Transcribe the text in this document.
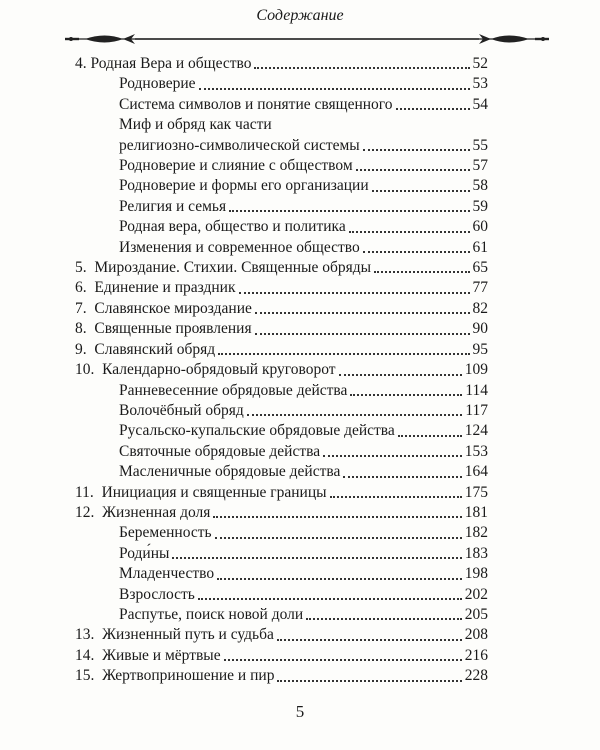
Содержание
4. Родная Вера и общество	52
Родноверие	53
Система символов и понятие священного	54
Миф и обряд как части
религиозно-символической системы	55
Родноверие и слияние с обществом	57
Родноверие и формы его организации	58
Религия и семья	59
Родная вера, общество и политика	60
Изменения и современное общество	61
5. Мироздание. Стихии. Священные обряды	65
6. Единение и праздник	77
7. Славянское мироздание	82
8. Священные проявления	90
9. Славянский обряд	95
10. Календарно-обрядовый круговорот	109
Ранневесенние обрядовые действа	114
Волочёбный обряд	117
Русальско-купальские обрядовые действа	124
Святочные обрядовые действа	153
Масленичные обрядовые действа	164
11. Инициация и священные границы	175
12. Жизненная доля	181
Беременность	182
Роди́ны	183
Младенчество	198
Взрослость	202
Распутье, поиск новой доли	205
13. Жизненный путь и судьба	208
14. Живые и мёртвые	216
15. Жертвоприношение и пир	228
5
